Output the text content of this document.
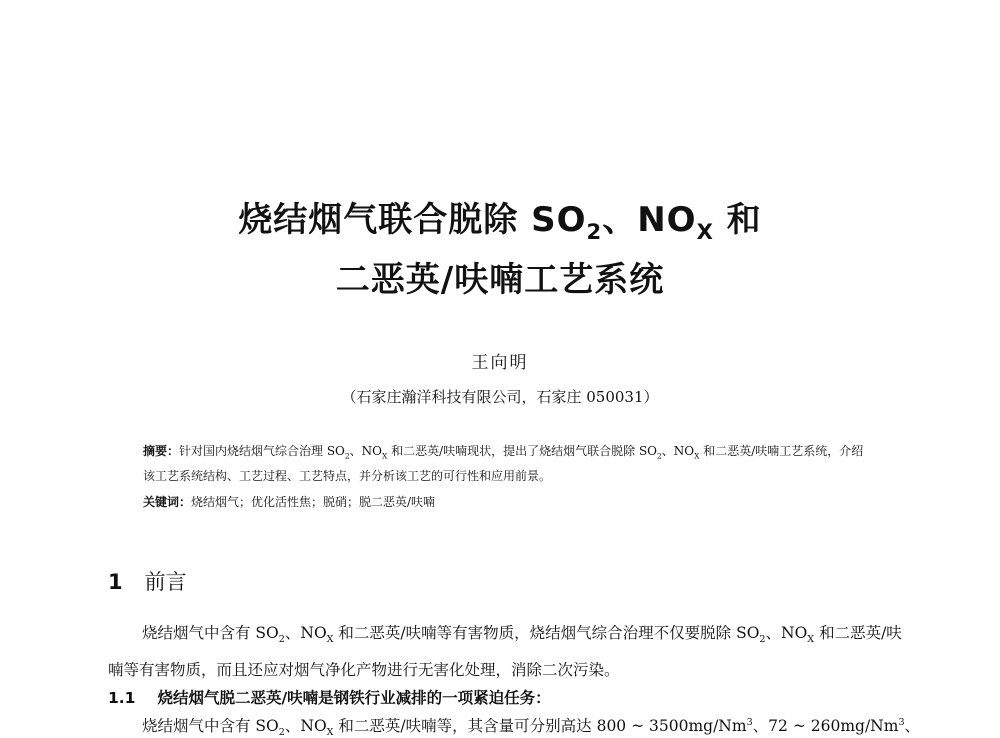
烧结烟气联合脱除 $SO_2$、$NO_X$ 和
二恶英/呋喃工艺系统
王向明
（石家庄瀚洋科技有限公司，石家庄 050031）
摘要：针对国内烧结烟气综合治理 $SO_2$、$NO_X$ 和二恶英/呋喃现状，提出了烧结烟气联合脱除 $SO_2$、$NO_X$ 和二恶英/呋喃工艺系统，介绍该工艺系统结构、工艺过程、工艺特点，并分析该工艺的可行性和应用前景。
关键词：烧结烟气；优化活性焦；脱硝；脱二恶英/呋喃
1 前言
烧结烟气中含有 $SO_2$、$NO_X$ 和二恶英/呋喃等有害物质，烧结烟气综合治理不仅要脱除 $SO_2$、$NO_X$ 和二恶英/呋喃等有害物质，而且还应对烟气净化产物进行无害化处理，消除二次污染。
1.1 烧结烟气脱二恶英/呋喃是钢铁行业减排的一项紧迫任务：
烧结烟气中含有 $SO_2$、$NO_X$ 和二恶英/呋喃等，其含量可分别高达 800 ~ 3500mg/Nm$^3$、72 ~ 260mg/Nm$^3$、
